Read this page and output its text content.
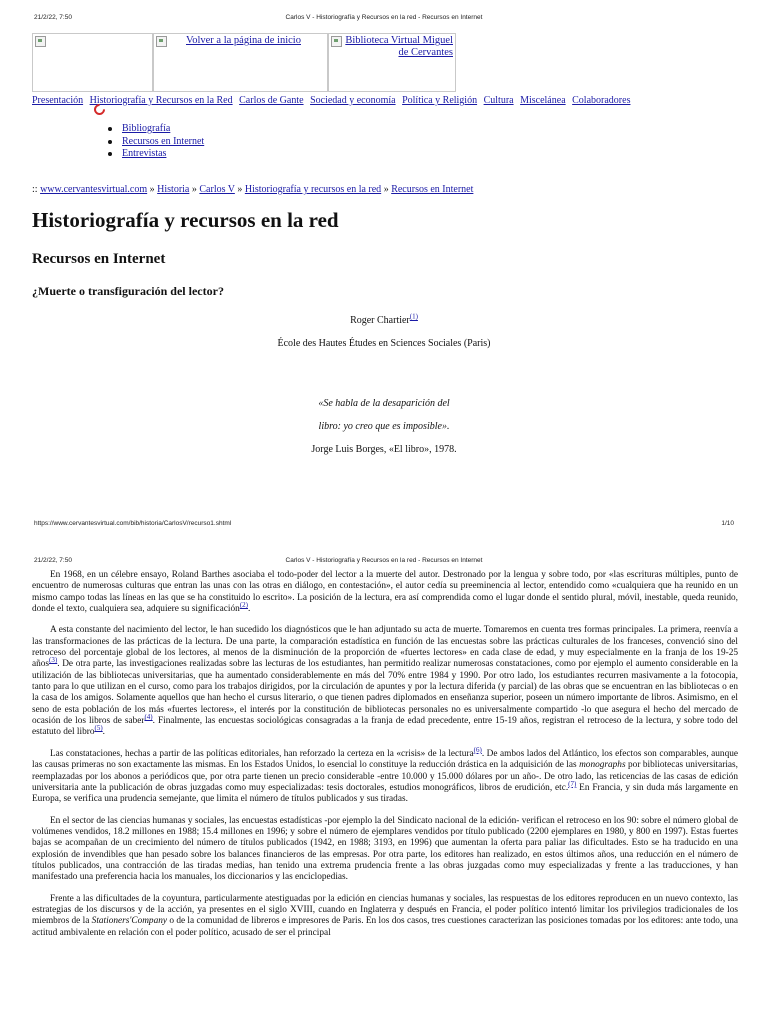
21/2/22, 7:50	Carlos V - Historiografía y Recursos en la red - Recursos en Internet
Volver a la página de inicio	Biblioteca Virtual Miguel de Cervantes
Presentación Historiografía y Recursos en la Red Carlos de Gante Sociedad y economía Política y Religión Cultura Miscelánea Colaboradores
Bibliografía
Recursos en Internet
Entrevistas
:: www.cervantesvirtual.com » Historia » Carlos V » Historiografía y recursos en la red » Recursos en Internet
Historiografía y recursos en la red
Recursos en Internet
¿Muerte o transfiguración del lector?
Roger Chartier$^{(1)}$
École des Hautes Études en Sciences Sociales (Paris)
«Se habla de la desaparición del
libro: yo creo que es imposible».
Jorge Luis Borges, «El libro», 1978.
https://www.cervantesvirtual.com/bib/historia/CarlosV/recurso1.shtml	1/10
21/2/22, 7:50	Carlos V - Historiografía y Recursos en la red - Recursos en Internet

En 1968, en un célebre ensayo, Roland Barthes asociaba el todo-poder del lector a la muerte del autor. Destronado por la lengua y sobre todo, por «las escrituras múltiples, punto de encuentro de numerosas culturas que entran las unas con las otras en diálogo, en contestación», el autor cedía su preeminencia al lector, entendido como «cualquiera que ha reunido en un mismo campo todas las líneas en las que se ha constituido lo escrito». La posición de la lectura, era así comprendida como el lugar donde el sentido plural, móvil, inestable, queda reunido, donde el texto, cualquiera sea, adquiere su significación$^{(2)}$.

A esta constante del nacimiento del lector, le han sucedido los diagnósticos que le han adjuntado su acta de muerte. Tomaremos en cuenta tres formas principales. La primera, reenvía a las transformaciones de las prácticas de la lectura. De una parte, la comparación estadística en función de las encuestas sobre las prácticas culturales de los franceses, convenció sino del retroceso del porcentaje global de los lectores, al menos de la disminución de la proporción de «fuertes lectores» en cada clase de edad, y muy especialmente en la franja de los 19-25 años$^{(3)}$. De otra parte, las investigaciones realizadas sobre las lecturas de los estudiantes, han permitido realizar numerosas constataciones, como por ejemplo el aumento considerable en la utilización de las bibliotecas universitarias, que ha aumentado considerablemente en más del 70% entre 1984 y 1990. Por otro lado, los estudiantes recurren masivamente a la fotocopia, tanto para lo que utilizan en el curso, como para los trabajos dirigidos, por la circulación de apuntes y por la lectura diferida (y parcial) de las obras que se encuentran en las bibliotecas o en la casa de los amigos. Solamente aquellos que han hecho el cursus literario, o que tienen padres diplomados en enseñanza superior, poseen un número importante de libros. Asimismo, en el seno de esta población de los más «fuertes lectores», el interés por la constitución de bibliotecas personales no es universalmente compartido -lo que asegura el hecho del mercado de ocasión de los libros de saber$^{(4)}$. Finalmente, las encuestas sociológicas consagradas a la franja de edad precedente, entre 15-19 años, registran el retroceso de la lectura, y sobre todo del estatuto del libro$^{(5)}$.

Las constataciones, hechas a partir de las políticas editoriales, han reforzado la certeza en la «crisis» de la lectura$^{(6)}$. De ambos lados del Atlántico, los efectos son comparables, aunque las causas primeras no son exactamente las mismas. En los Estados Unidos, lo esencial lo constituye la reducción drástica en la adquisición de las monographs por bibliotecas universitarias, reemplazadas por los abonos a periódicos que, por otra parte tienen un precio considerable -entre 10.000 y 15.000 dólares por un año-. De otro lado, las reticencias de las casas de edición universitaria ante la publicación de obras juzgadas como muy especializadas: tesis doctorales, estudios monográficos, libros de erudición, etc.$^{(7)}$ En Francia, y sin duda más largamente en Europa, se verifica una prudencia semejante, que limita el número de títulos publicados y sus tiradas.

En el sector de las ciencias humanas y sociales, las encuestas estadísticas -por ejemplo la del Sindicato nacional de la edición- verifican el retroceso en los 90: sobre el número global de volúmenes vendidos, 18.2 millones en 1988; 15.4 millones en 1996; y sobre el número de ejemplares vendidos por título publicado (2200 ejemplares en 1980, y 800 en 1997). Estas fuertes bajas se acompañan de un crecimiento del número de títulos publicados (1942, en 1988; 3193, en 1996) que aumentan la oferta para paliar las dificultades. Esto se ha traducido en una explosión de invendibles que han pesado sobre los balances financieros de las empresas. Por otra parte, los editores han realizado, en estos últimos años, una reducción en el número de títulos publicados, una contracción de las tiradas medias, han tenido una extrema prudencia frente a las obras juzgadas como muy especializadas y frente a las traducciones, y han manifestado una preferencia hacia los manuales, los diccionarios y las enciclopedias.

Frente a las dificultades de la coyuntura, particularmente atestiguadas por la edición en ciencias humanas y sociales, las respuestas de los editores reproducen en un nuevo contexto, las estrategias de los discursos y de la acción, ya presentes en el siglo XVIII, cuando en Inglaterra y después en Francia, el poder político intentó limitar los privilegios tradicionales de los miembros de la Stationers'Company o de la comunidad de libreros e impresores de Paris. En los dos casos, tres cuestiones caracterizan las posiciones tomadas por los editores: ante todo, una actitud ambivalente en relación con el poder político, acusado de ser el principal
